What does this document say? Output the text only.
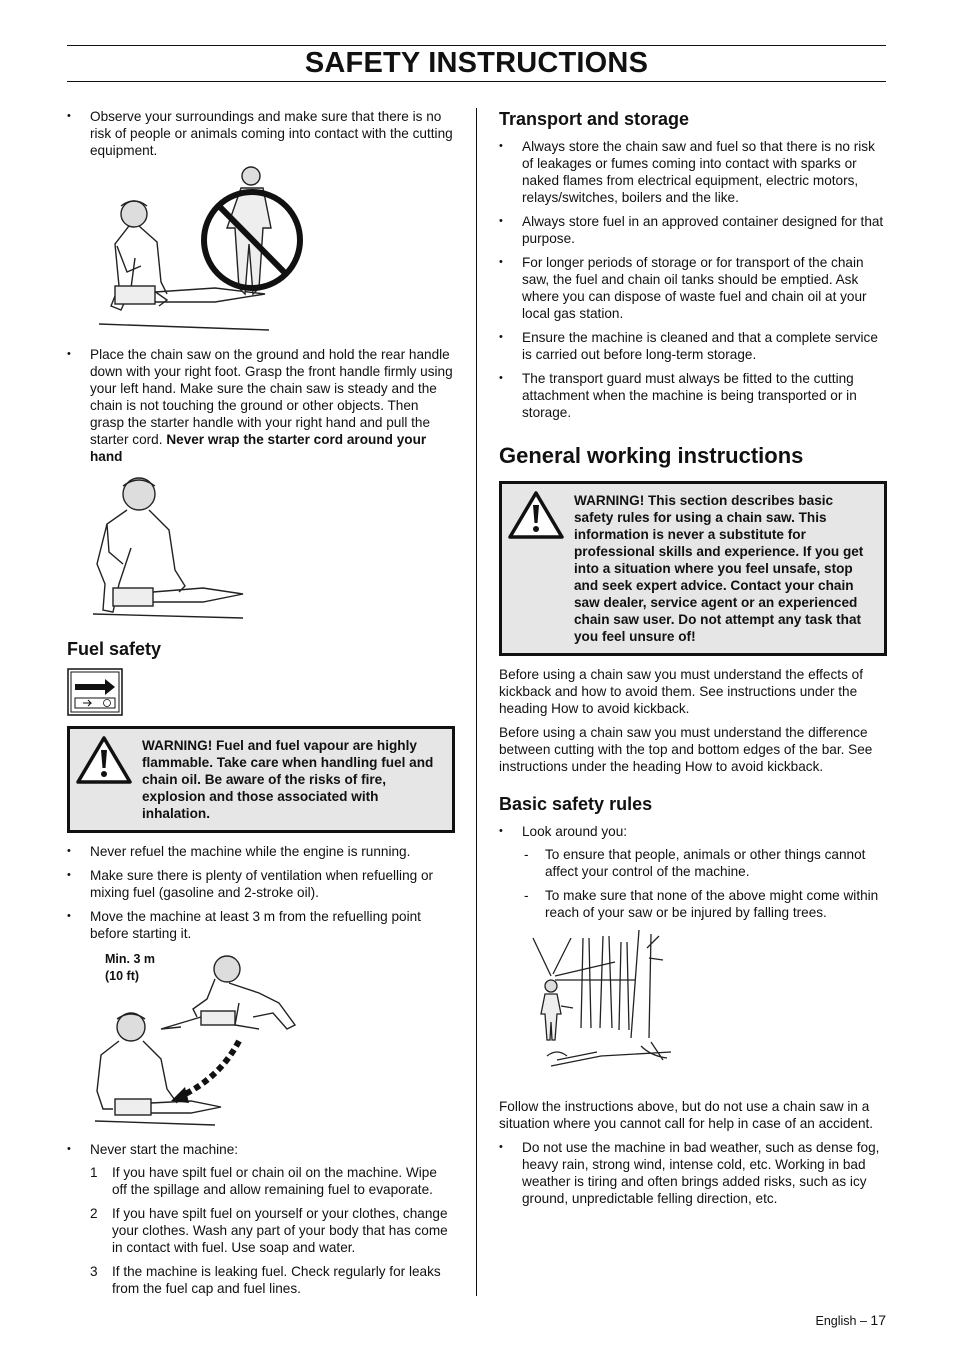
SAFETY INSTRUCTIONS
• Observe your surroundings and make sure that there is no risk of people or animals coming into contact with the cutting equipment.
• Place the chain saw on the ground and hold the rear handle down with your right foot. Grasp the front handle firmly using your left hand. Make sure the chain saw is steady and the chain is not touching the ground or other objects. Then grasp the starter handle with your right hand and pull the starter cord. Never wrap the starter cord around your hand
Fuel safety
WARNING! Fuel and fuel vapour are highly flammable. Take care when handling fuel and chain oil. Be aware of the risks of fire, explosion and those associated with inhalation.
• Never refuel the machine while the engine is running.
• Make sure there is plenty of ventilation when refuelling or mixing fuel (gasoline and 2-stroke oil).
• Move the machine at least 3 m from the refuelling point before starting it.
Min. 3 m
(10 ft)
• Never start the machine:
1 If you have spilt fuel or chain oil on the machine. Wipe off the spillage and allow remaining fuel to evaporate.
2 If you have spilt fuel on yourself or your clothes, change your clothes. Wash any part of your body that has come in contact with fuel. Use soap and water.
3 If the machine is leaking fuel. Check regularly for leaks from the fuel cap and fuel lines.
Transport and storage
• Always store the chain saw and fuel so that there is no risk of leakages or fumes coming into contact with sparks or naked flames from electrical equipment, electric motors, relays/switches, boilers and the like.
• Always store fuel in an approved container designed for that purpose.
• For longer periods of storage or for transport of the chain saw, the fuel and chain oil tanks should be emptied. Ask where you can dispose of waste fuel and chain oil at your local gas station.
• Ensure the machine is cleaned and that a complete service is carried out before long-term storage.
• The transport guard must always be fitted to the cutting attachment when the machine is being transported or in storage.
General working instructions
WARNING! This section describes basic safety rules for using a chain saw. This information is never a substitute for professional skills and experience. If you get into a situation where you feel unsafe, stop and seek expert advice. Contact your chain saw dealer, service agent or an experienced chain saw user. Do not attempt any task that you feel unsure of!

Before using a chain saw you must understand the effects of kickback and how to avoid them. See instructions under the heading How to avoid kickback.

Before using a chain saw you must understand the difference between cutting with the top and bottom edges of the bar. See instructions under the heading How to avoid kickback.

Basic safety rules
• Look around you:
- To ensure that people, animals or other things cannot affect your control of the machine.
- To make sure that none of the above might come within reach of your saw or be injured by falling trees.

Follow the instructions above, but do not use a chain saw in a situation where you cannot call for help in case of an accident.

• Do not use the machine in bad weather, such as dense fog, heavy rain, strong wind, intense cold, etc. Working in bad weather is tiring and often brings added risks, such as icy ground, unpredictable felling direction, etc.
English – 17
